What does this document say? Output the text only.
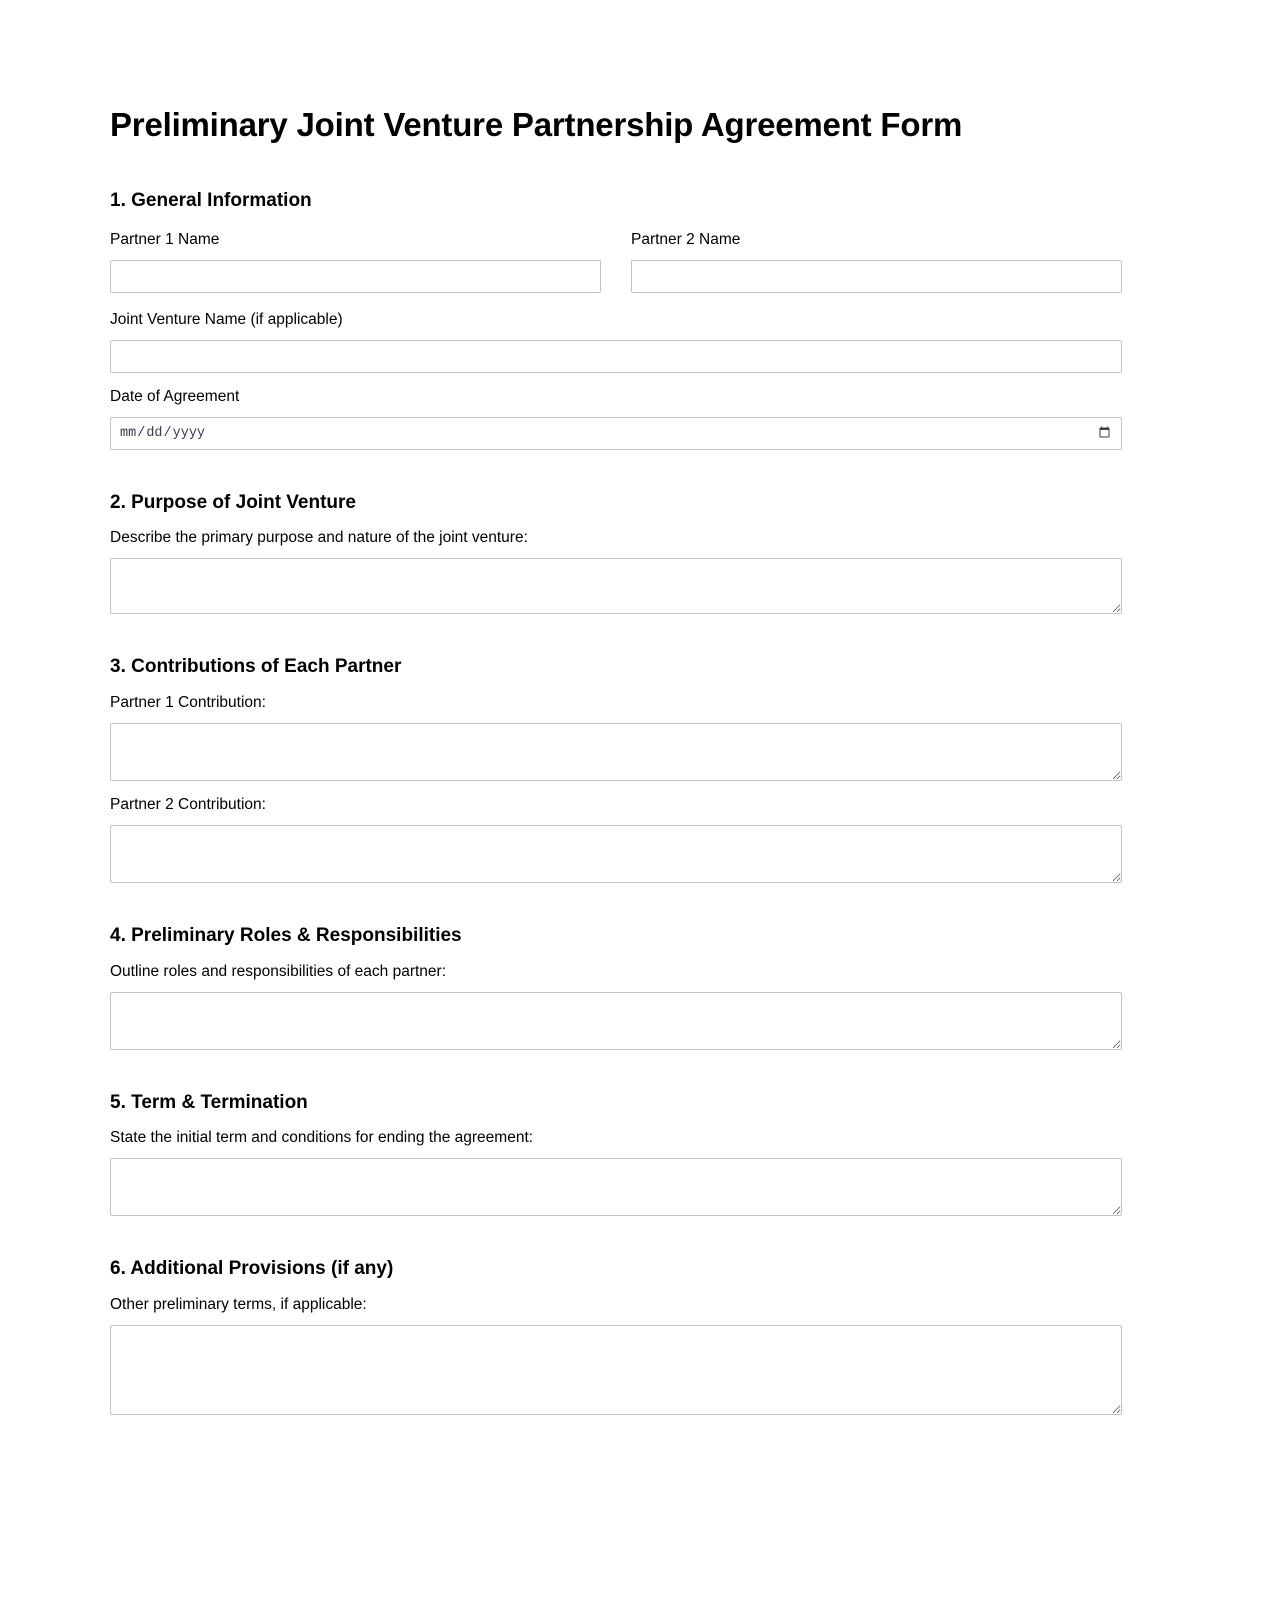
Preliminary Joint Venture Partnership Agreement Form
1. General Information
Partner 1 Name	Partner 2 Name
Joint Venture Name (if applicable)
Date of Agreement
mm/dd/yyyy
2. Purpose of Joint Venture
Describe the primary purpose and nature of the joint venture:
3. Contributions of Each Partner
Partner 1 Contribution:
Partner 2 Contribution:
4. Preliminary Roles & Responsibilities
Outline roles and responsibilities of each partner:
5. Term & Termination
State the initial term and conditions for ending the agreement:
6. Additional Provisions (if any)
Other preliminary terms, if applicable:
